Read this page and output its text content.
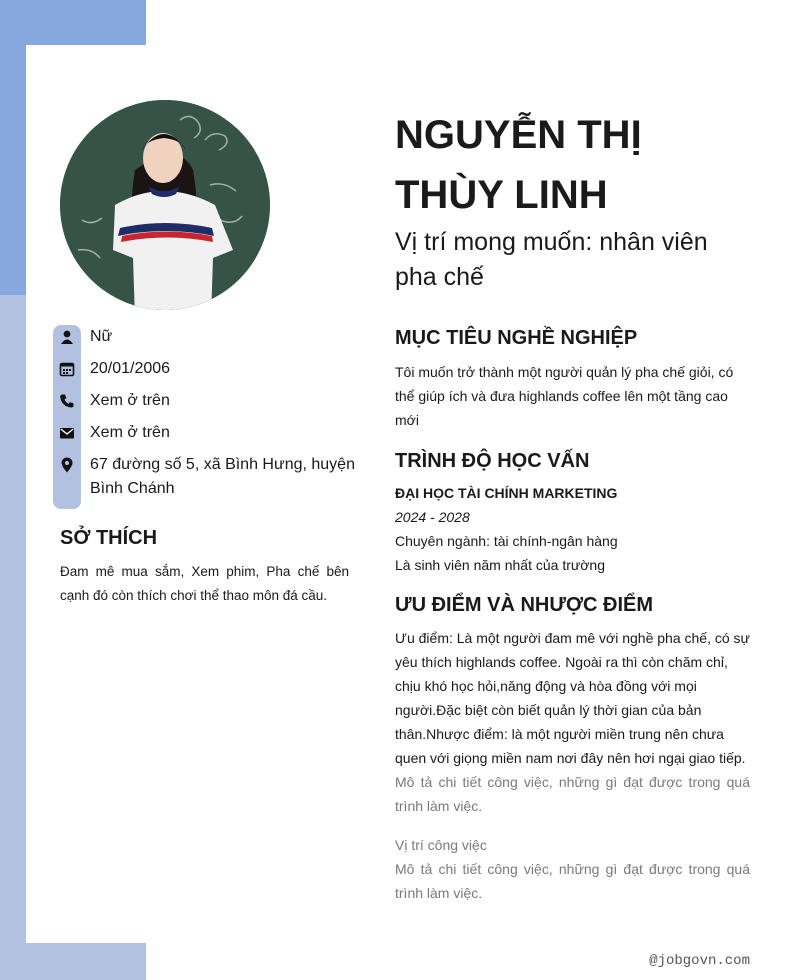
Nữ
20/01/2006
Xem ở trên
Xem ở trên
67 đường số 5, xã Bình Hưng, huyện Bình Chánh
SỞ THÍCH

Đam mê mua sắm, Xem phim, Pha chế bên cạnh đó còn thích chơi thể thao môn đá cầu.

NGUYỄN THỊ
THÙY LINH

Vị trí mong muốn: nhân viên pha chế

MỤC TIÊU NGHỀ NGHIỆP

Tôi muốn trở thành một người quản lý pha chế giỏi, có thể giúp ích và đưa highlands coffee lên một tầng cao mới

TRÌNH ĐỘ HỌC VẤN
ĐẠI HỌC TÀI CHÍNH MARKETING
2024 - 2028
Chuyên ngành: tài chính-ngân hàng
Là sinh viên năm nhất của trường
ƯU ĐIỂM VÀ NHƯỢC ĐIỂM

Ưu điểm: Là một người đam mê với nghề pha chế, có sự yêu thích highlands coffee. Ngoài ra thì còn chăm chỉ, chịu khó học hỏi,năng động và hòa đồng với mọi người.Đặc biệt còn biết quản lý thời gian của bản thân.Nhược điểm: là một người miền trung nên chưa quen với giọng miền nam nơi đây nên hơi ngại giao tiếp.

Mô tả chi tiết công việc, những gì đạt được trong quá trình làm việc.

Vị trí công việc

Mô tả chi tiết công việc, những gì đạt được trong quá trình làm việc.

@jobgovn.com
